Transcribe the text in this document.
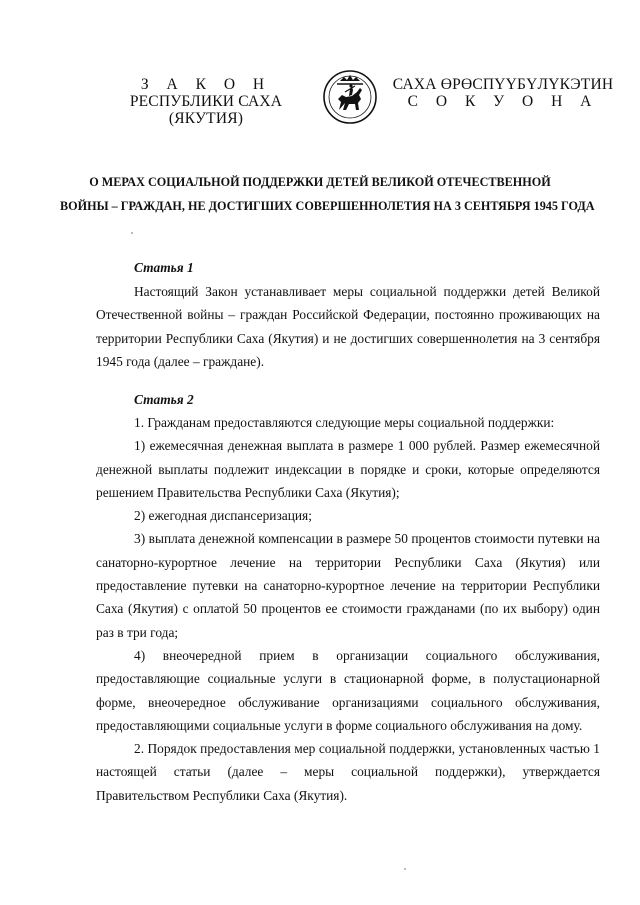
З А К О Н
РЕСПУБЛИКИ САХА (ЯКУТИЯ)
САХА ӨРӨСПҮҮБҮЛҮКЭТИН
С О К У О Н А
О МЕРАХ СОЦИАЛЬНОЙ ПОДДЕРЖКИ ДЕТЕЙ ВЕЛИКОЙ ОТЕЧЕСТВЕННОЙ
ВОЙНЫ – ГРАЖДАН, НЕ ДОСТИГШИХ СОВЕРШЕННОЛЕТИЯ НА 3 СЕНТЯБРЯ 1945 ГОДА
Статья 1

Настоящий Закон устанавливает меры социальной поддержки детей Великой Отечественной войны – граждан Российской Федерации, постоянно проживающих на территории Республики Саха (Якутия) и не достигших совершеннолетия на 3 сентября 1945 года (далее – граждане).

Статья 2

1. Гражданам предоставляются следующие меры социальной поддержки:

1) ежемесячная денежная выплата в размере 1 000 рублей. Размер ежемесячной денежной выплаты подлежит индексации в порядке и сроки, которые определяются решением Правительства Республики Саха (Якутия);

2) ежегодная диспансеризация;

3) выплата денежной компенсации в размере 50 процентов стоимости путевки на санаторно-курортное лечение на территории Республики Саха (Якутия) или предоставление путевки на санаторно-курортное лечение на территории Республики Саха (Якутия) с оплатой 50 процентов ее стоимости гражданами (по их выбору) один раз в три года;

4) внеочередной прием в организации социального обслуживания, предоставляющие социальные услуги в стационарной форме, в полустационарной форме, внеочередное обслуживание организациями социального обслуживания, предоставляющими социальные услуги в форме социального обслуживания на дому.

2. Порядок предоставления мер социальной поддержки, установленных частью 1 настоящей статьи (далее – меры социальной поддержки), утверждается Правительством Республики Саха (Якутия).
